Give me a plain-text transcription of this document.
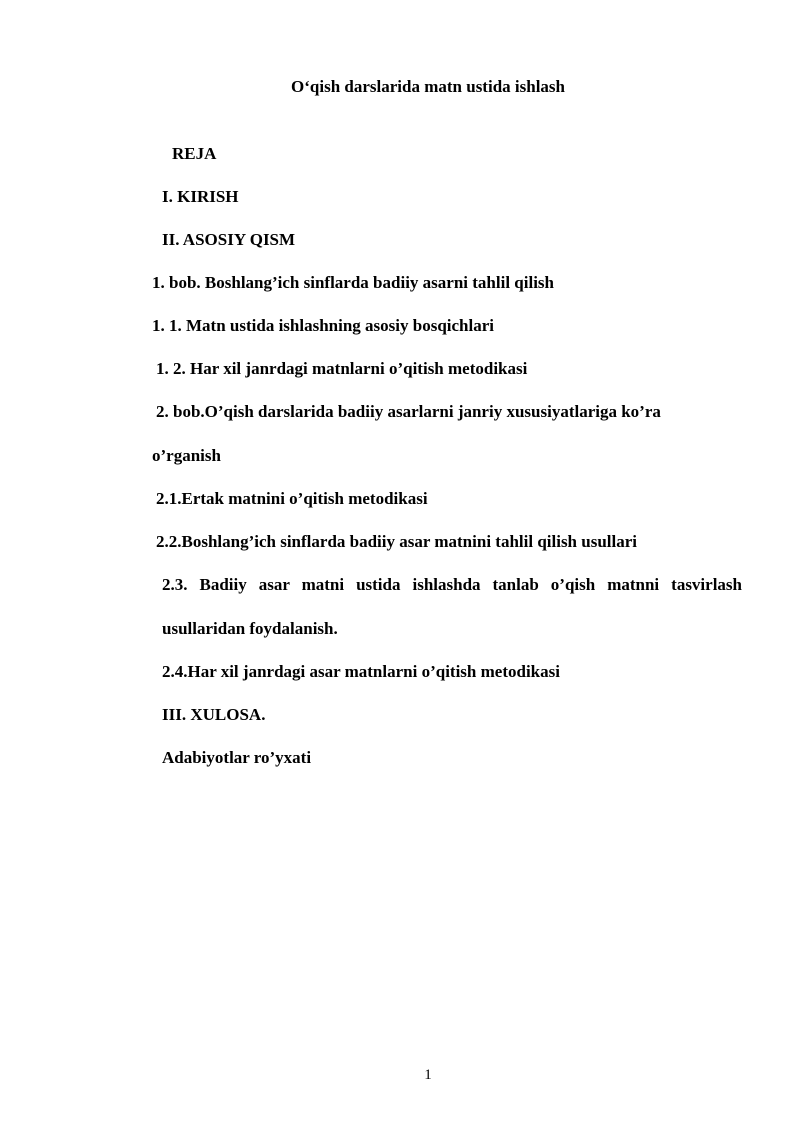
O‘qish darslarida matn ustida ishlash
REJA
I. KIRISH
II. ASOSIY QISM
1. bob. Boshlang’ich sinflarda badiiy asarni tahlil qilish
1. 1. Matn ustida ishlashning asosiy bosqichlari
1. 2. Har xil janrdagi matnlarni o’qitish metodikasi
2. bob.O’qish darslarida badiiy asarlarni janriy xususiyatlariga ko’ra
o’rganish
2.1.Ertak matnini o’qitish metodikasi
2.2.Boshlang’ich sinflarda badiiy asar matnini tahlil qilish usullari
2.3. Badiiy asar matni ustida ishlashda tanlab o’qish matnni tasvirlash
usullaridan foydalanish.
2.4.Har xil janrdagi asar matnlarni o’qitish metodikasi
III. XULOSA.
Adabiyotlar ro’yxati
1
